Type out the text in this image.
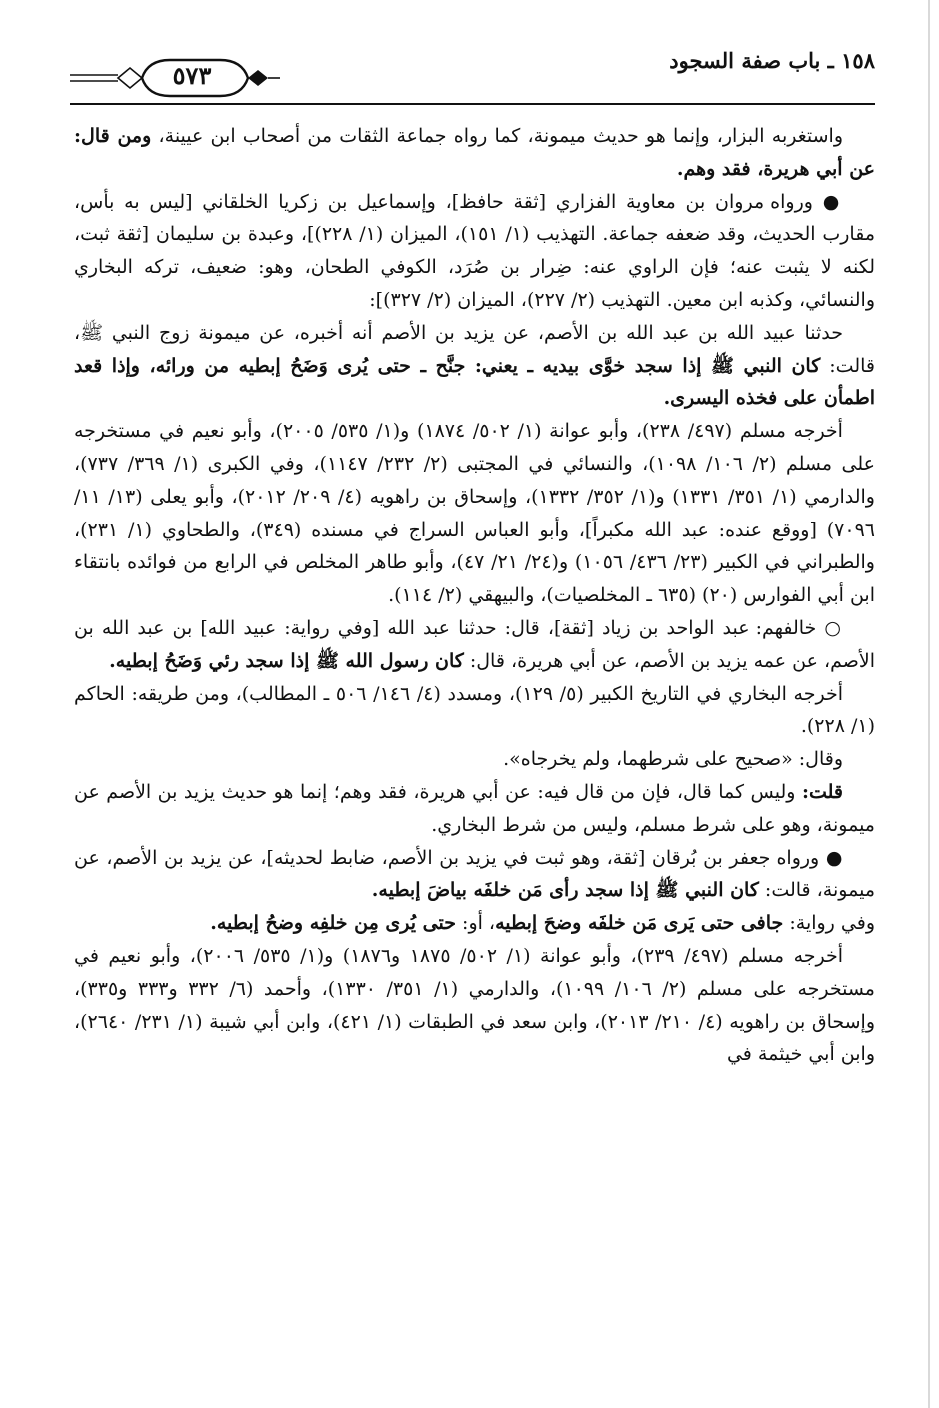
١٥٨ ـ باب صفة السجود
٥٧٣

واستغربه البزار، وإنما هو حديث ميمونة، كما رواه جماعة الثقات من أصحاب ابن عيينة، ومن قال: عن أبي هريرة، فقد وهم.

● ورواه مروان بن معاوية الفزاري [ثقة حافظ]، وإسماعيل بن زكريا الخلقاني [ليس به بأس، مقارب الحديث، وقد ضعفه جماعة. التهذيب (١/ ١٥١)، الميزان (١/ ٢٢٨)]، وعبدة بن سليمان [ثقة ثبت، لكنه لا يثبت عنه؛ فإن الراوي عنه: ضِرار بن صُرَد، الكوفي الطحان، وهو: ضعيف، تركه البخاري والنسائي، وكذبه ابن معين. التهذيب (٢/ ٢٢٧)، الميزان (٢/ ٣٢٧)]:

حدثنا عبيد الله بن عبد الله بن الأصم، عن يزيد بن الأصم أنه أخبره، عن ميمونة زوج النبي ﷺ، قالت: كان النبي ﷺ إذا سجد خوَّى بيديه ـ يعني: جنَّح ـ حتى يُرى وَضَحُ إبطيه من ورائه، وإذا قعد اطمأن على فخذه اليسرى.

أخرجه مسلم (٤٩٧/ ٢٣٨)، وأبو عوانة (١/ ٥٠٢/ ١٨٧٤) و(١/ ٥٣٥/ ٢٠٠٥)، وأبو نعيم في مستخرجه على مسلم (٢/ ١٠٦/ ١٠٩٨)، والنسائي في المجتبى (٢/ ٢٣٢/ ١١٤٧)، وفي الكبرى (١/ ٣٦٩/ ٧٣٧)، والدارمي (١/ ٣٥١/ ١٣٣١) و(١/ ٣٥٢/ ١٣٣٢)، وإسحاق بن راهويه (٤/ ٢٠٩/ ٢٠١٢)، وأبو يعلى (١٣/ ١١/ ٧٠٩٦) [ووقع عنده: عبد الله مكبراً]، وأبو العباس السراج في مسنده (٣٤٩)، والطحاوي (١/ ٢٣١)، والطبراني في الكبير (٢٣/ ٤٣٦/ ١٠٥٦) و(٢٤/ ٢١/ ٤٧)، وأبو طاهر المخلص في الرابع من فوائده بانتقاء ابن أبي الفوارس (٢٠) (٦٣٥ ـ المخلصيات)، والبيهقي (٢/ ١١٤).

○ خالفهم: عبد الواحد بن زياد [ثقة]، قال: حدثنا عبد الله [وفي رواية: عبيد الله] بن عبد الله بن الأصم، عن عمه يزيد بن الأصم، عن أبي هريرة، قال: كان رسول الله ﷺ إذا سجد رئي وَضَحُ إبطيه.

أخرجه البخاري في التاريخ الكبير (٥/ ١٢٩)، ومسدد (٤/ ١٤٦/ ٥٠٦ ـ المطالب)، ومن طريقه: الحاكم (١/ ٢٢٨).

وقال: «صحيح على شرطهما، ولم يخرجاه».

قلت: وليس كما قال، فإن من قال فيه: عن أبي هريرة، فقد وهم؛ إنما هو حديث يزيد بن الأصم عن ميمونة، وهو على شرط مسلم، وليس من شرط البخاري.

● ورواه جعفر بن بُرقان [ثقة، وهو ثبت في يزيد بن الأصم، ضابط لحديثه]، عن يزيد بن الأصم، عن ميمونة، قالت: كان النبي ﷺ إذا سجد رأى مَن خلفَه بياضَ إبطيه.

وفي رواية: جافى حتى يَرى مَن خلفَه وضحَ إبطيه، أو: حتى يُرى مِن خلفِه وضحُ إبطيه.

أخرجه مسلم (٤٩٧/ ٢٣٩)، وأبو عوانة (١/ ٥٠٢/ ١٨٧٥ و١٨٧٦) و(١/ ٥٣٥/ ٢٠٠٦)، وأبو نعيم في مستخرجه على مسلم (٢/ ١٠٦/ ١٠٩٩)، والدارمي (١/ ٣٥١/ ١٣٣٠)، وأحمد (٦/ ٣٣٢ و٣٣٣ و٣٣٥)، وإسحاق بن راهويه (٤/ ٢١٠/ ٢٠١٣)، وابن سعد في الطبقات (١/ ٤٢١)، وابن أبي شيبة (١/ ٢٣١/ ٢٦٤٠)، وابن أبي خيثمة في
